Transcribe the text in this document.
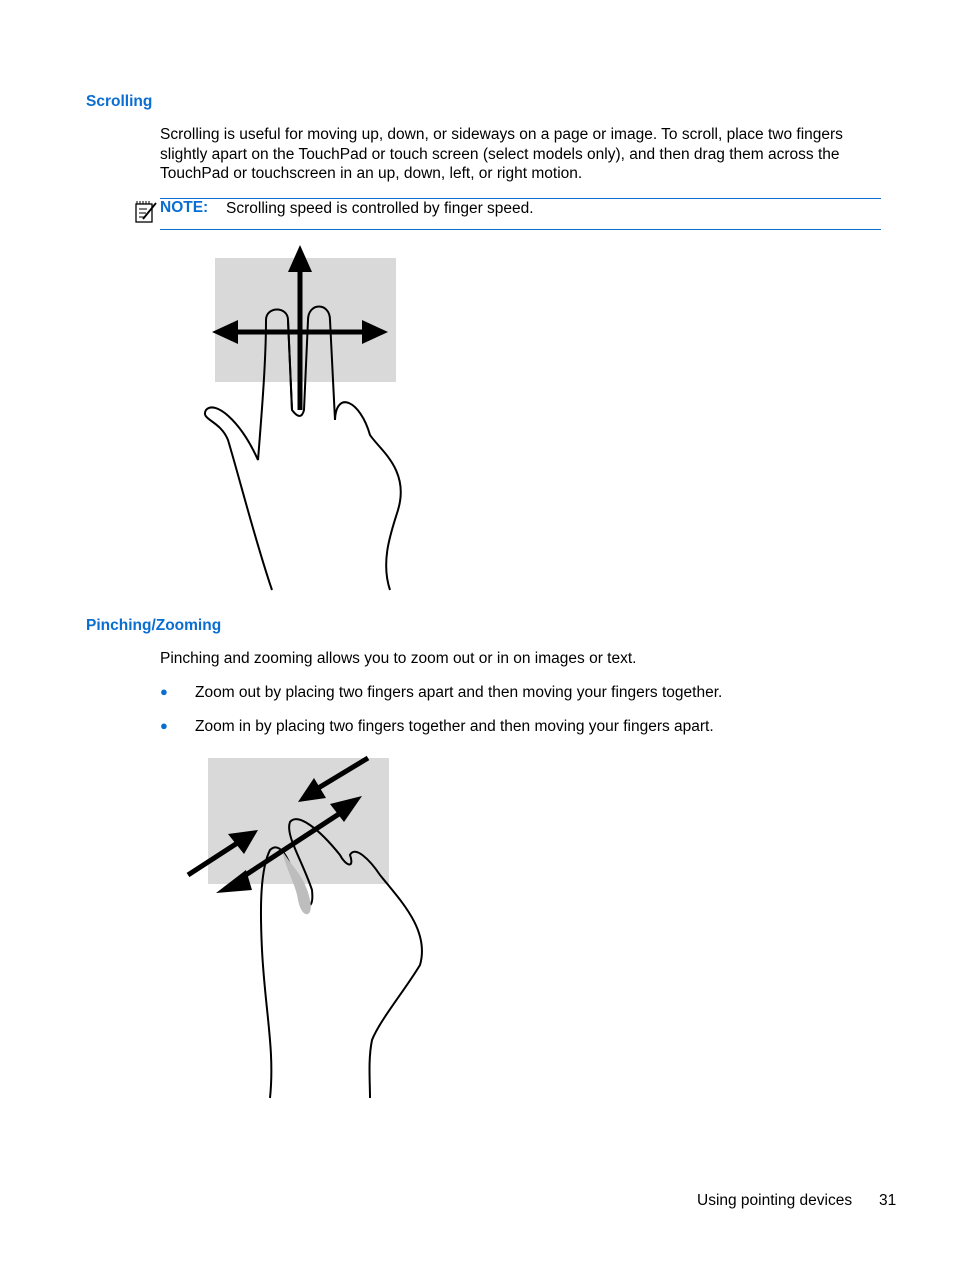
Scrolling
Scrolling is useful for moving up, down, or sideways on a page or image. To scroll, place two fingers
slightly apart on the TouchPad or touch screen (select models only), and then drag them across the
TouchPad or touchscreen in an up, down, left, or right motion.
NOTE: Scrolling speed is controlled by finger speed.
Pinching/Zooming
Pinching and zooming allows you to zoom out or in on images or text.
● Zoom out by placing two fingers apart and then moving your fingers together.
● Zoom in by placing two fingers together and then moving your fingers apart.
Using pointing devices 31
